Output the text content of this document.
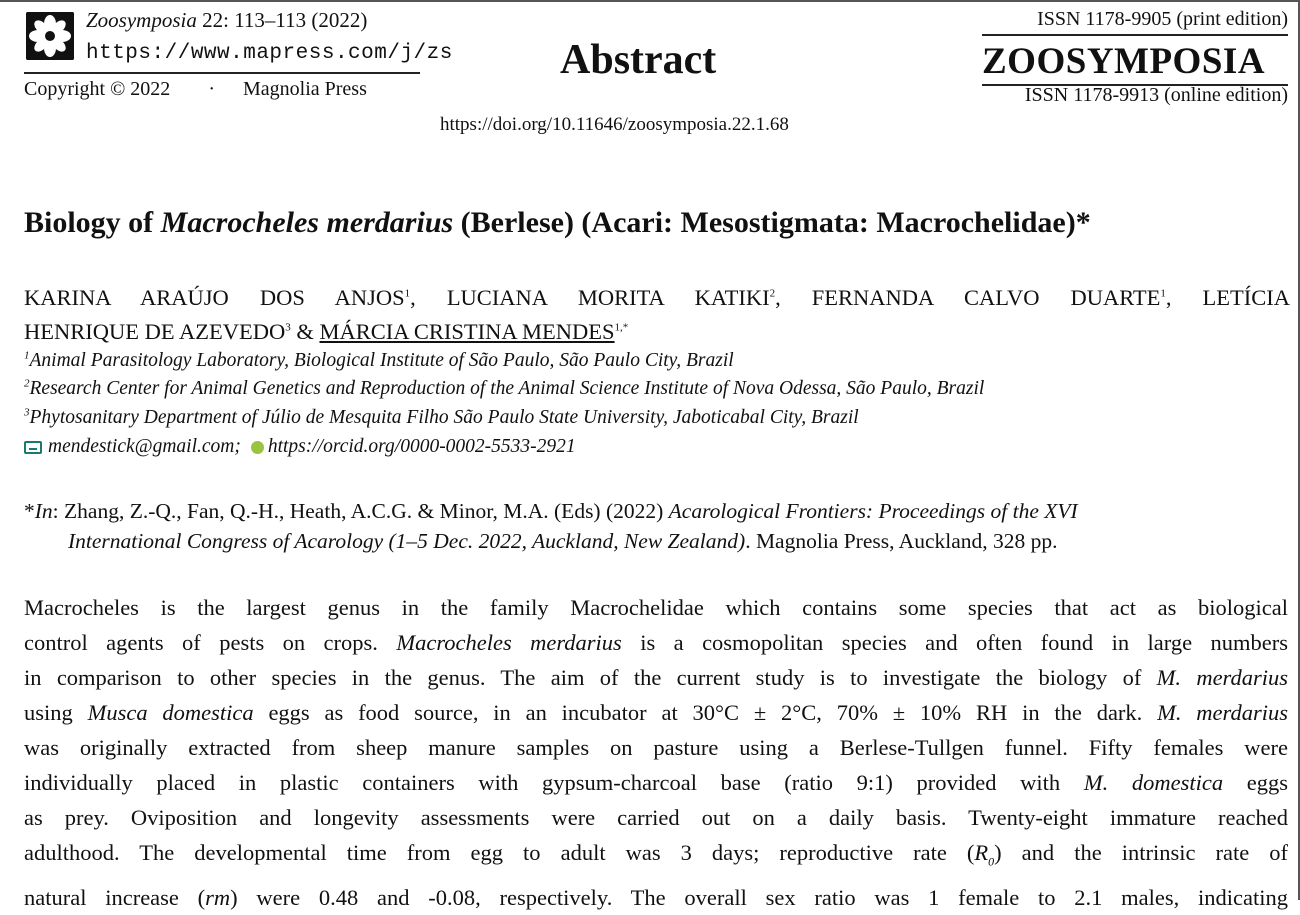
Zoosymposia 22: 113–113 (2022)
https://www.mapress.com/j/zs
Copyright © 2022 · Magnolia Press
Abstract
https://doi.org/10.11646/zoosymposia.22.1.68
ISSN 1178-9905 (print edition)
ZOOSYMPOSIA
ISSN 1178-9913 (online edition)
Biology of Macrocheles merdarius (Berlese) (Acari: Mesostigmata: Macrochelidae)*
KARINA ARAÚJO DOS ANJOS$^1$, LUCIANA MORITA KATIKI$^2$, FERNANDA CALVO DUARTE$^1$, LETÍCIA
HENRIQUE DE AZEVEDO$^3$ & MÁRCIA CRISTINA $MENDES^{1,*}$
$^1$Animal Parasitology Laboratory, Biological Institute of São Paulo, São Paulo City, Brazil
$^2$Research Center for Animal Genetics and Reproduction of the Animal Science Institute of Nova Odessa, São Paulo, Brazil
$^3$Phytosanitary Department of Júlio de Mesquita Filho São Paulo State University, Jaboticabal City, Brazil
mendestick@gmail.com; https://orcid.org/0000-0002-5533-2921
*In: Zhang, Z.-Q., Fan, Q.-H., Heath, A.C.G. & Minor, M.A. (Eds) (2022) Acarological Frontiers: Proceedings of the XVI
International Congress of Acarology (1–5 Dec. 2022, Auckland, New Zealand). Magnolia Press, Auckland, 328 pp.
Macrocheles is the largest genus in the family Macrochelidae which contains some species that act as biological
control agents of pests on crops. Macrocheles merdarius is a cosmopolitan species and often found in large numbers
in comparison to other species in the genus. The aim of the current study is to investigate the biology of M. merdarius
using Musca domestica eggs as food source, in an incubator at 30°C ± 2°C, 70% ± 10% RH in the dark. M. merdarius
was originally extracted from sheep manure samples on pasture using a Berlese-Tullgen funnel. Fifty females were
individually placed in plastic containers with gypsum-charcoal base (ratio 9:1) provided with M. domestica eggs
as prey. Oviposition and longevity assessments were carried out on a daily basis. Twenty-eight immature reached
adulthood. The developmental time from egg to adult was 3 days; reproductive rate $(R_0)$ and the intrinsic rate of
natural increase (rm) were 0.48 and -0.08, respectively. The overall sex ratio was 1 female to 2.1 males, indicating
